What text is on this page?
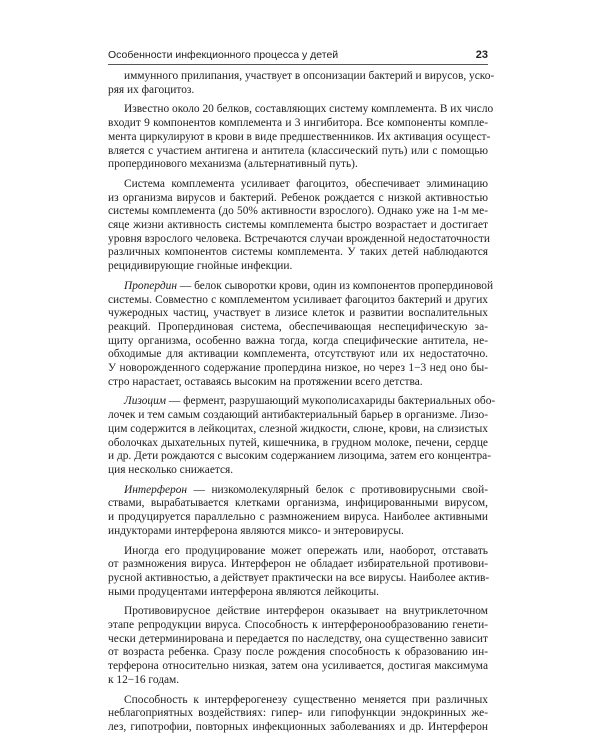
Особенности инфекционного процесса у детей	23
иммунного прилипания, участвует в опсонизации бактерий и вирусов, уско-
ряя их фагоцитоз.
Известно около 20 белков, составляющих систему комплемента. В их число
входит 9 компонентов комплемента и 3 ингибитора. Все компоненты компле-
мента циркулируют в крови в виде предшественников. Их активация осущест-
вляется с участием антигена и антитела (классический путь) или с помощью
пропердинового механизма (альтернативный путь).
Система комплемента усиливает фагоцитоз, обеспечивает элиминацию
из организма вирусов и бактерий. Ребенок рождается с низкой активностью
системы комплемента (до 50% активности взрослого). Однако уже на 1-м ме-
сяце жизни активность системы комплемента быстро возрастает и достигает
уровня взрослого человека. Встречаются случаи врожденной недостаточности
различных компонентов системы комплемента. У таких детей наблюдаются
рецидивирующие гнойные инфекции.
Пропердин — белок сыворотки крови, один из компонентов пропердиновой
системы. Совместно с комплементом усиливает фагоцитоз бактерий и других
чужеродных частиц, участвует в лизисе клеток и развитии воспалительных
реакций. Пропердиновая система, обеспечивающая неспецифическую за-
щиту организма, особенно важна тогда, когда специфические антитела, не-
обходимые для активации комплемента, отсутствуют или их недостаточно.
У новорожденного содержание пропердина низкое, но через 1−3 нед оно бы-
стро нарастает, оставаясь высоким на протяжении всего детства.
Лизоцим — фермент, разрушающий мукополисахариды бактериальных обо-
лочек и тем самым создающий антибактериальный барьер в организме. Лизо-
цим содержится в лейкоцитах, слезной жидкости, слюне, крови, на слизистых
оболочках дыхательных путей, кишечника, в грудном молоке, печени, сердце
и др. Дети рождаются с высоким содержанием лизоцима, затем его концентра-
ция несколько снижается.
Интерферон — низкомолекулярный белок с противовирусными свой-
ствами, вырабатывается клетками организма, инфицированными вирусом,
и продуцируется параллельно с размножением вируса. Наиболее активными
индукторами интерферона являются миксо- и энтеровирусы.
Иногда его продуцирование может опережать или, наоборот, отставать
от размножения вируса. Интерферон не обладает избирательной противови-
русной активностью, а действует практически на все вирусы. Наиболее актив-
ными продуцентами интерферона являются лейкоциты.
Противовирусное действие интерферон оказывает на внутриклеточном
этапе репродукции вируса. Способность к интерферонообразованию генети-
чески детерминирована и передается по наследству, она существенно зависит
от возраста ребенка. Сразу после рождения способность к образованию ин-
терферона относительно низкая, затем она усиливается, достигая максимума
к 12−16 годам.
Способность к интерферогенезу существенно меняется при различных
неблагоприятных воздействиях: гипер- или гипофункции эндокринных же-
лез, гипотрофии, повторных инфекционных заболеваниях и др. Интерферон
